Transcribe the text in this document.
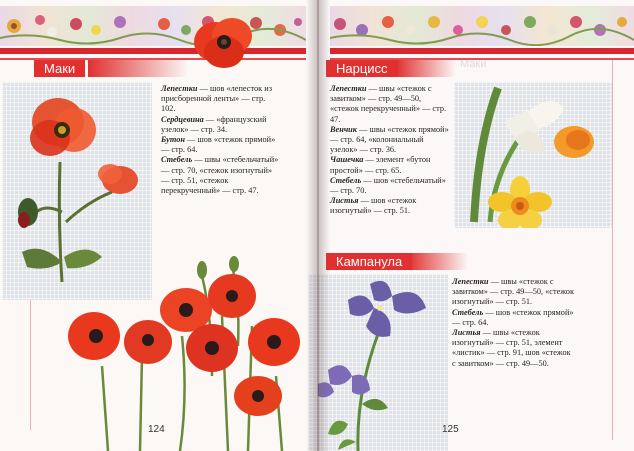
Маки
Лепестки — шов «лепесток из присборенной ленты» — стр. 102.
Сердцевина — «французский узелок» — стр. 34.
Бутон — шов «стежок прямой» — стр. 64.
Стебель — швы «стебельчатый» — стр. 70, «стежок изогнутый» — стр. 51, «стежок перекрученный» — стр. 47.
124
Маки
Нарцисс
Лепестки — швы «стежок с завитком» — стр. 49—50, «стежок перекрученный» — стр. 47.
Венчик — швы «стежок прямой» — стр. 64, «колониальный узелок» — стр. 36.
Чашечка — элемент «бутон простой» — стр. 65.
Стебель — шов «стебельчатый» — стр. 70.
Листья — шов «стежок изогнутый» — стр. 51.
Кампанула
Лепестки — швы «стежок с завитком» — стр. 49—50, «стежок изогнутый» — стр. 51.
Стебель — шов «стежок прямой» — стр. 64.
Листья — швы «стежок изогнутый» — стр. 51, элемент «листик» — стр. 91, шов «стежок с завитком» — стр. 49—50.
125
